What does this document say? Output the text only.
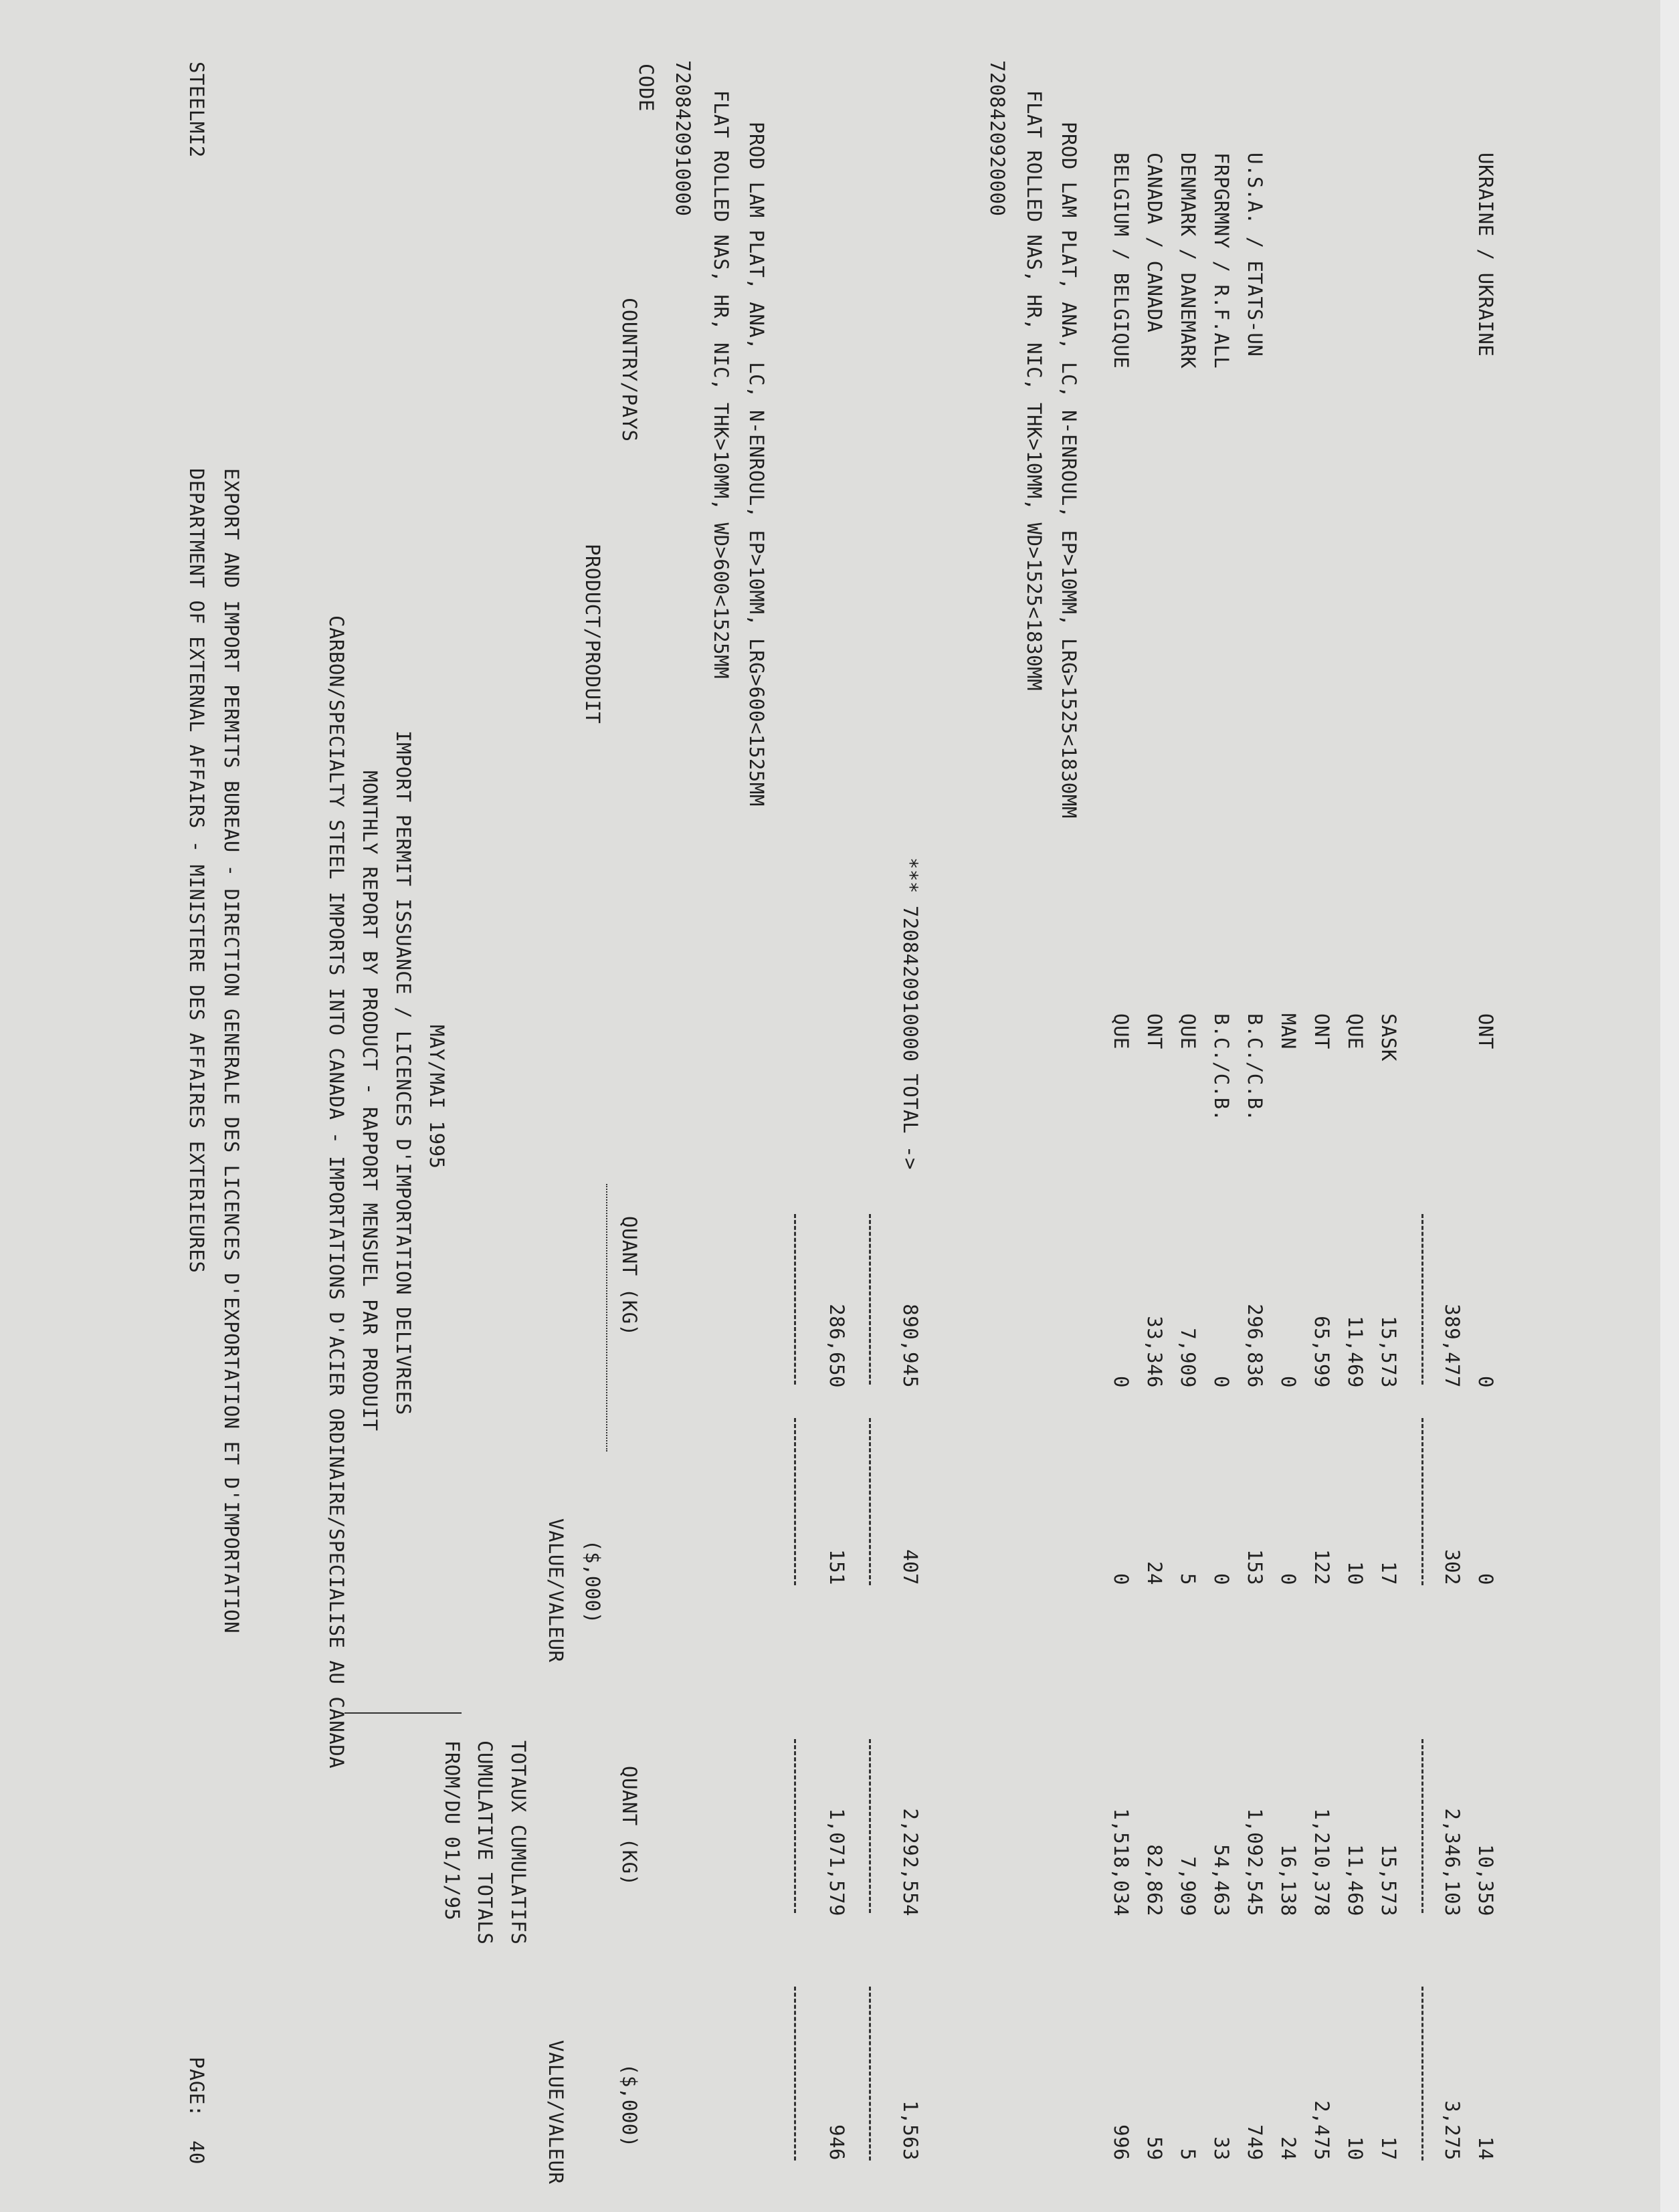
STEELMI2
DEPARTMENT OF EXTERNAL AFFAIRS - MINISTERE DES AFFAIRES EXTERIEURES
PAGE:
40
EXPORT AND IMPORT PERMITS BUREAU - DIRECTION GENERALE DES LICENCES D'EXPORTATION ET D'IMPORTATION	CARBON/SPECIALTY STEEL IMPORTS INTO CANADA - IMPORTATIONS D'ACIER ORDINAIRE/SPECIALISE AU CANADA MONTHLY REPORT BY PRODUCT - RAPPORT MENSUEL PAR PRODUIT IMPORT PERMIT ISSUANCE / LICENCES D'IMPORTATION DELIVREES MAY/MAI 1995
FROM/DU 01/1/95 CUMULATIVE TOTALS TOTAUX CUMULATIFS
VALUE/VALEUR
VALUE/VALEUR
PRODUCT/PRODUIT
CODE
COUNTRY/PAYS
QUANT (KG)
($,000)
QUANT (KG)
($,000)
7208420910000 FLAT ROLLED NAS, HR, NIC, THK>10MM, WD>600<1525MM PROD LAM PLAT, ANA, LC, N-ENROUL, EP>10MM, LRG>600<1525MM
286,650
151
1,071,579
946
*** 7208420910000 TOTAL ->
890,945
407
2,292,554
1,563
7208420920000 FLAT ROLLED NAS, HR, NIC, THK>10MM, WD>1525<1830MM PROD LAM PLAT, ANA, LC, N-ENROUL, EP>10MM, LRG>1525<1830MM BELGIUM / BELGIQUE
QUE
0
0
1,518,034
996
CANADA / CANADA
ONT
33,346
24
82,862
59
DENMARK / DANEMARK
QUE
7,909
5
7,909
5
FRPGRMNY / R.F.ALL
B.C./C.B.
0
0
54,463
33
U.S.A. / ETATS-UN
B.C./C.B.
296,836
153
1,092,545
749
MAN
0
0
16,138
24
ONT
65,599
122
1,210,378
2,475
QUE
11,469
10
11,469
10
SASK
15,573
17
15,573
17
389,477
302
2,346,103
3,275
UKRAINE / UKRAINE
ONT
0
0
10,359
14
